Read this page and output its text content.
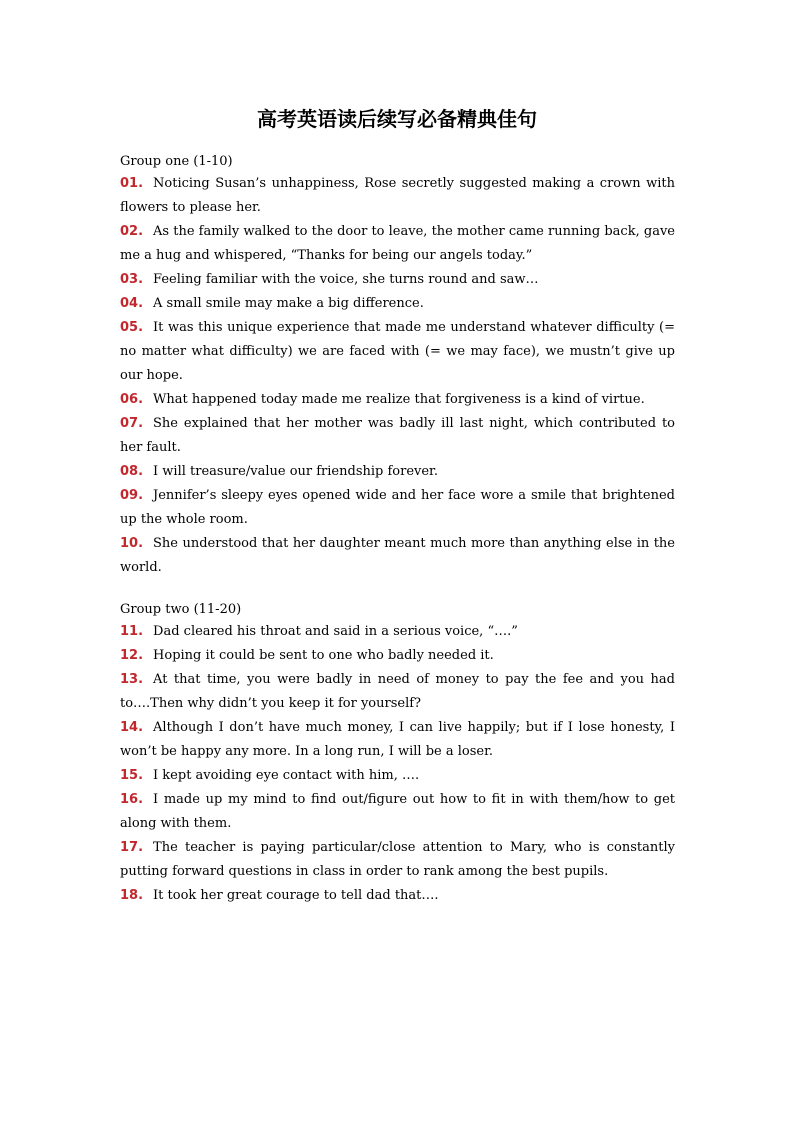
高考英语读后续写必备精典佳句

Group one (1-10)

01. Noticing Susan’s unhappiness, Rose secretly suggested making a crown with flowers to please her.

02. As the family walked to the door to leave, the mother came running back, gave me a hug and whispered, “Thanks for being our angels today.”

03. Feeling familiar with the voice, she turns round and saw…

04. A small smile may make a big difference.

05. It was this unique experience that made me understand whatever difficulty (= no matter what difficulty) we are faced with (= we may face), we mustn’t give up our hope.

06. What happened today made me realize that forgiveness is a kind of virtue.

07. She explained that her mother was badly ill last night, which contributed to her fault.

08. I will treasure/value our friendship forever.

09. Jennifer’s sleepy eyes opened wide and her face wore a smile that brightened up the whole room.

10. She understood that her daughter meant much more than anything else in the world.

Group two (11-20)

11. Dad cleared his throat and said in a serious voice, “….”

12. Hoping it could be sent to one who badly needed it.

13. At that time, you were badly in need of money to pay the fee and you had to….Then why didn’t you keep it for yourself?

14. Although I don’t have much money, I can live happily; but if I lose honesty, I won’t be happy any more. In a long run, I will be a loser.

15. I kept avoiding eye contact with him, ….

16. I made up my mind to find out/figure out how to fit in with them/how to get along with them.

17. The teacher is paying particular/close attention to Mary, who is constantly putting forward questions in class in order to rank among the best pupils.

18. It took her great courage to tell dad that….
